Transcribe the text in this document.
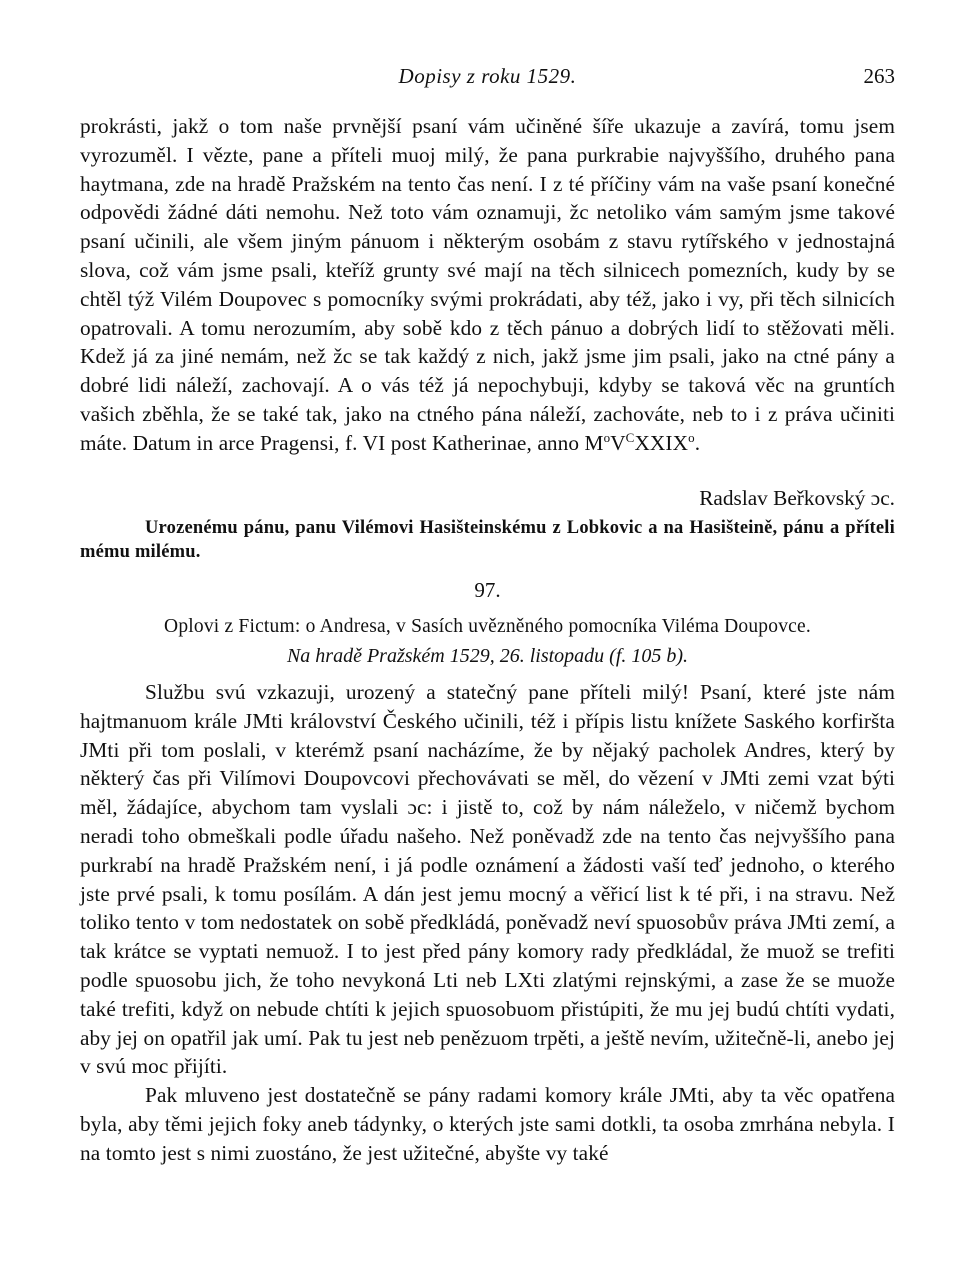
Dopisy z roku 1529.	263
prokrásti, jakž o tom naše prvnější psaní vám učiněné šíře ukazuje a zavírá, tomu jsem vyrozuměl. I vězte, pane a příteli muoj milý, že pana purkrabie najvyššího, druhého pana haytmana, zde na hradě Pražském na tento čas není. I z té příčiny vám na vaše psaní konečné odpovědi žádné dáti nemohu. Než toto vám oznamuji, žc netoliko vám samým jsme takové psaní učinili, ale všem jiným pánuom i některým osobám z stavu rytířského v jednostajná slova, což vám jsme psali, kteříž grunty své mají na těch silnicech pomezních, kudy by se chtěl týž Vilém Doupovec s pomocníky svými prokrádati, aby též, jako i vy, při těch silnicích opatrovali. A tomu nerozumím, aby sobě kdo z těch pánuo a dobrých lidí to stěžovati měli. Kdež já za jiné nemám, než žc se tak každý z nich, jakž jsme jim psali, jako na ctné pány a dobré lidi náleží, zachovají. A o vás též já nepochybuji, kdyby se taková věc na gruntích vašich zběhla, že se také tak, jako na ctného pána náleží, zachováte, neb to i z práva učiniti máte. Datum in arce Pragensi, f. VI post Katherinae, anno $M^oV^CXXIX^o$.
Radslav Beřkovský ɔc.
Urozenému pánu, panu Vilémovi Hasišteinskému z Lobkovic a na Hasišteině, pánu a příteli mému milému.
97.
Oplovi z Fictum: o Andresa, v Sasích uvězněného pomocníka Viléma Doupovce.
Na hradě Pražském 1529, 26. listopadu (f. 105 b).
Službu svú vzkazuji, urozený a statečný pane příteli milý! Psaní, které jste nám hajtmanuom krále JMti království Českého učinili, též i přípis listu knížete Saského korfiršta JMti při tom poslali, v kterémž psaní nacházíme, že by nějaký pacholek Andres, který by některý čas při Vilímovi Doupovcovi přechovávati se měl, do vězení v JMti zemi vzat býti měl, žádajíce, abychom tam vyslali ɔc: i jistě to, což by nám náleželo, v ničemž bychom neradi toho obmeškali podle úřadu našeho. Než poněvadž zde na tento čas nejvyššího pana purkrabí na hradě Pražském není, i já podle oznámení a žádosti vaší teď jednoho, o kterého jste prvé psali, k tomu posílám. A dán jest jemu mocný a věřicí list k té při, i na stravu. Než toliko tento v tom nedostatek on sobě předkládá, poněvadž neví spuosobův práva JMti zemí, a tak krátce se vyptati nemuož. I to jest před pány komory rady předkládal, že muož se trefiti podle spuosobu jich, že toho nevykoná Lti neb LXti zlatými rejnskými, a zase že se muože také trefiti, když on nebude chtíti k jejich spuosobuom přistúpiti, že mu jej budú chtíti vydati, aby jej on opatřil jak umí. Pak tu jest neb penězuom trpěti, a ještě nevím, užitečně-li, anebo jej v svú moc přijíti.
Pak mluveno jest dostatečně se pány radami komory krále JMti, aby ta věc opatřena byla, aby těmi jejich foky aneb tádynky, o kterých jste sami dotkli, ta osoba zmrhána nebyla. I na tomto jest s nimi zuostáno, že jest užitečné, abyšte vy také
